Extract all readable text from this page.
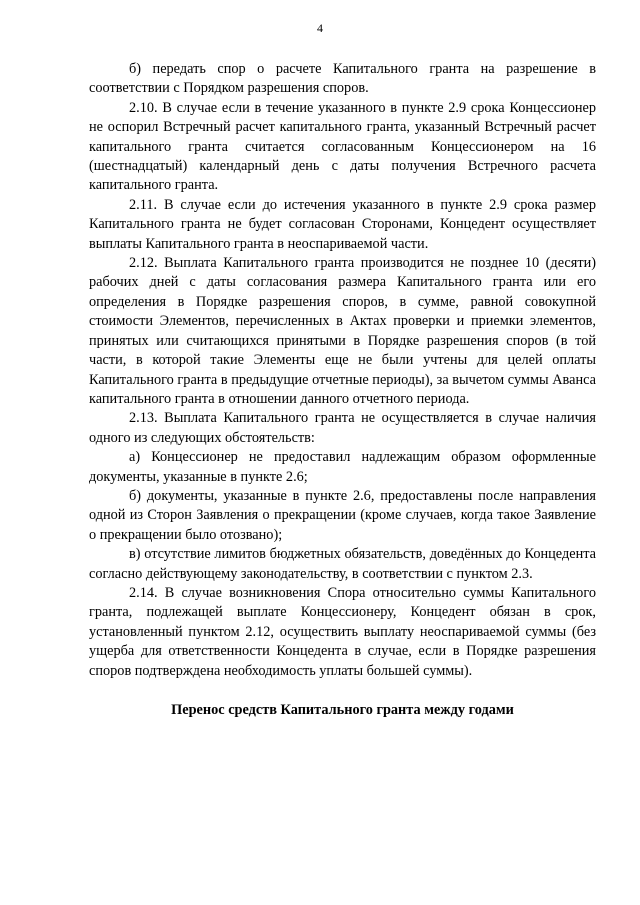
4

б) передать спор о расчете Капитального гранта на разрешение в соответствии с Порядком разрешения споров.

2.10. В случае если в течение указанного в пункте 2.9 срока Концессионер не оспорил Встречный расчет капитального гранта, указанный Встречный расчет капитального гранта считается согласованным Концессионером на 16 (шестнадцатый) календарный день с даты получения Встречного расчета капитального гранта.

2.11. В случае если до истечения указанного в пункте 2.9 срока размер Капитального гранта не будет согласован Сторонами, Концедент осуществляет выплаты Капитального гранта в неоспариваемой части.

2.12. Выплата Капитального гранта производится не позднее 10 (десяти) рабочих дней с даты согласования размера Капитального гранта или его определения в Порядке разрешения споров, в сумме, равной совокупной стоимости Элементов, перечисленных в Актах проверки и приемки элементов, принятых или считающихся принятыми в Порядке разрешения споров (в той части, в которой такие Элементы еще не были учтены для целей оплаты Капитального гранта в предыдущие отчетные периоды), за вычетом суммы Аванса капитального гранта в отношении данного отчетного периода.

2.13. Выплата Капитального гранта не осуществляется в случае наличия одного из следующих обстоятельств:

а) Концессионер не предоставил надлежащим образом оформленные документы, указанные в пункте 2.6;

б) документы, указанные в пункте 2.6, предоставлены после направления одной из Сторон Заявления о прекращении (кроме случаев, когда такое Заявление о прекращении было отозвано);

в) отсутствие лимитов бюджетных обязательств, доведённых до Концедента согласно действующему законодательству, в соответствии с пунктом 2.3.

2.14. В случае возникновения Спора относительно суммы Капитального гранта, подлежащей выплате Концессионеру, Концедент обязан в срок, установленный пунктом 2.12, осуществить выплату неоспариваемой суммы (без ущерба для ответственности Концедента в случае, если в Порядке разрешения споров подтверждена необходимость уплаты большей суммы).

Перенос средств Капитального гранта между годами
